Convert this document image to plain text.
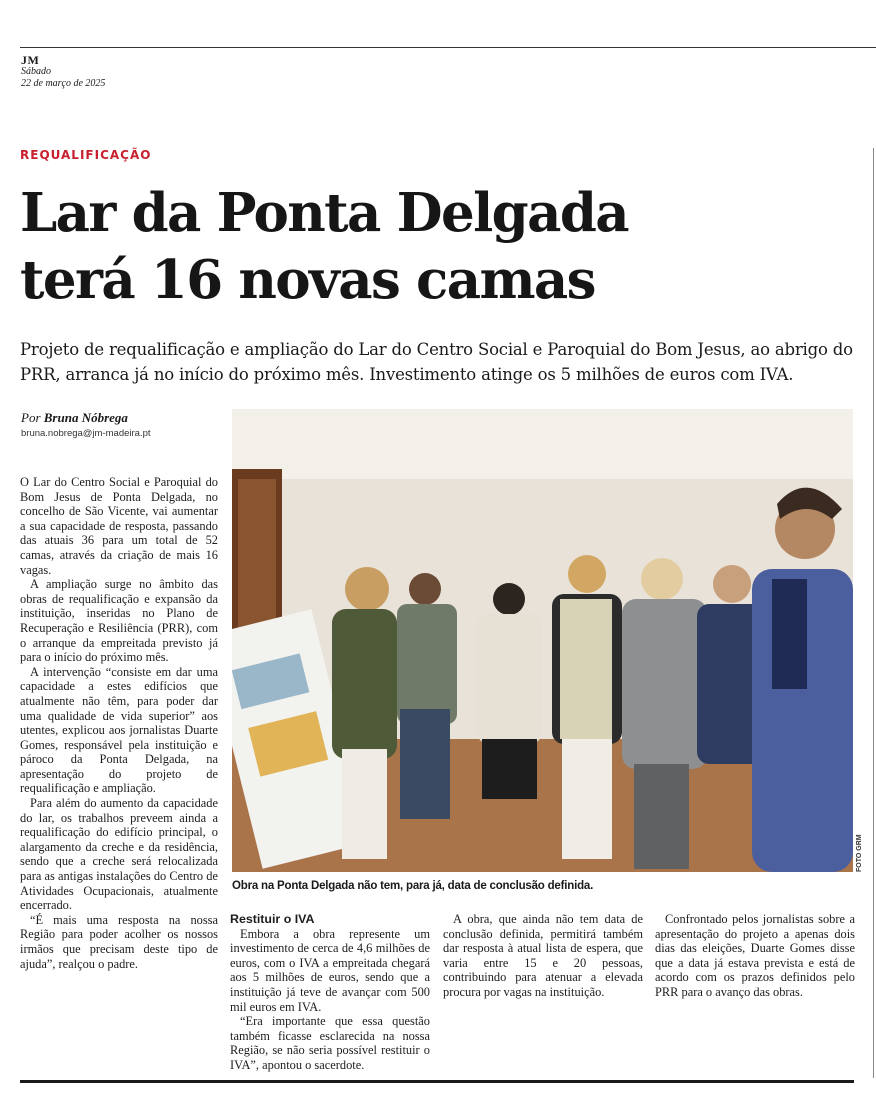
JM
Sábado
22 de março de 2025
REQUALIFICAÇÃO
Lar da Ponta Delgada
terá 16 novas camas
Projeto de requalificação e ampliação do Lar do Centro Social e Paroquial do Bom Jesus, ao abrigo do PRR, arranca já no início do próximo mês. Investimento atinge os 5 milhões de euros com IVA.
Por Bruna Nóbrega
bruna.nobrega@jm-madeira.pt

O Lar do Centro Social e Paroquial do Bom Jesus de Ponta Delgada, no concelho de São Vicente, vai aumentar a sua capacidade de resposta, passando das atuais 36 para um total de 52 camas, através da criação de mais 16 vagas.

A ampliação surge no âmbito das obras de requalificação e expansão da instituição, inseridas no Plano de Recuperação e Resiliência (PRR), com o arranque da empreitada previsto já para o início do próximo mês.

A intervenção “consiste em dar uma capacidade a estes edifícios que atualmente não têm, para poder dar uma qualidade de vida superior” aos utentes, explicou aos jornalistas Duarte Gomes, responsável pela instituição e pároco da Ponta Delgada, na apresentação do projeto de requalificação e ampliação.

Para além do aumento da capacidade do lar, os trabalhos preveem ainda a requalificação do edifício principal, o alargamento da creche e da residência, sendo que a creche será relocalizada para as antigas instalações do Centro de Atividades Ocupacionais, atualmente encerrado.

“É mais uma resposta na nossa Região para poder acolher os nossos irmãos que precisam deste tipo de ajuda”, realçou o padre.

FOTO GRM
Obra na Ponta Delgada não tem, para já, data de conclusão definida.

Restituir o IVA

Embora a obra represente um investimento de cerca de 4,6 milhões de euros, com o IVA a empreitada chegará aos 5 milhões de euros, sendo que a instituição já teve de avançar com 500 mil euros em IVA.

“Era importante que essa questão também ficasse esclarecida na nossa Região, se não seria possível restituir o IVA”, apontou o sacerdote.

A obra, que ainda não tem data de conclusão definida, permitirá também dar resposta à atual lista de espera, que varia entre 15 e 20 pessoas, contribuindo para atenuar a elevada procura por vagas na instituição.

Confrontado pelos jornalistas sobre a apresentação do projeto a apenas dois dias das eleições, Duarte Gomes disse que a data já estava prevista e está de acordo com os prazos definidos pelo PRR para o avanço das obras.
